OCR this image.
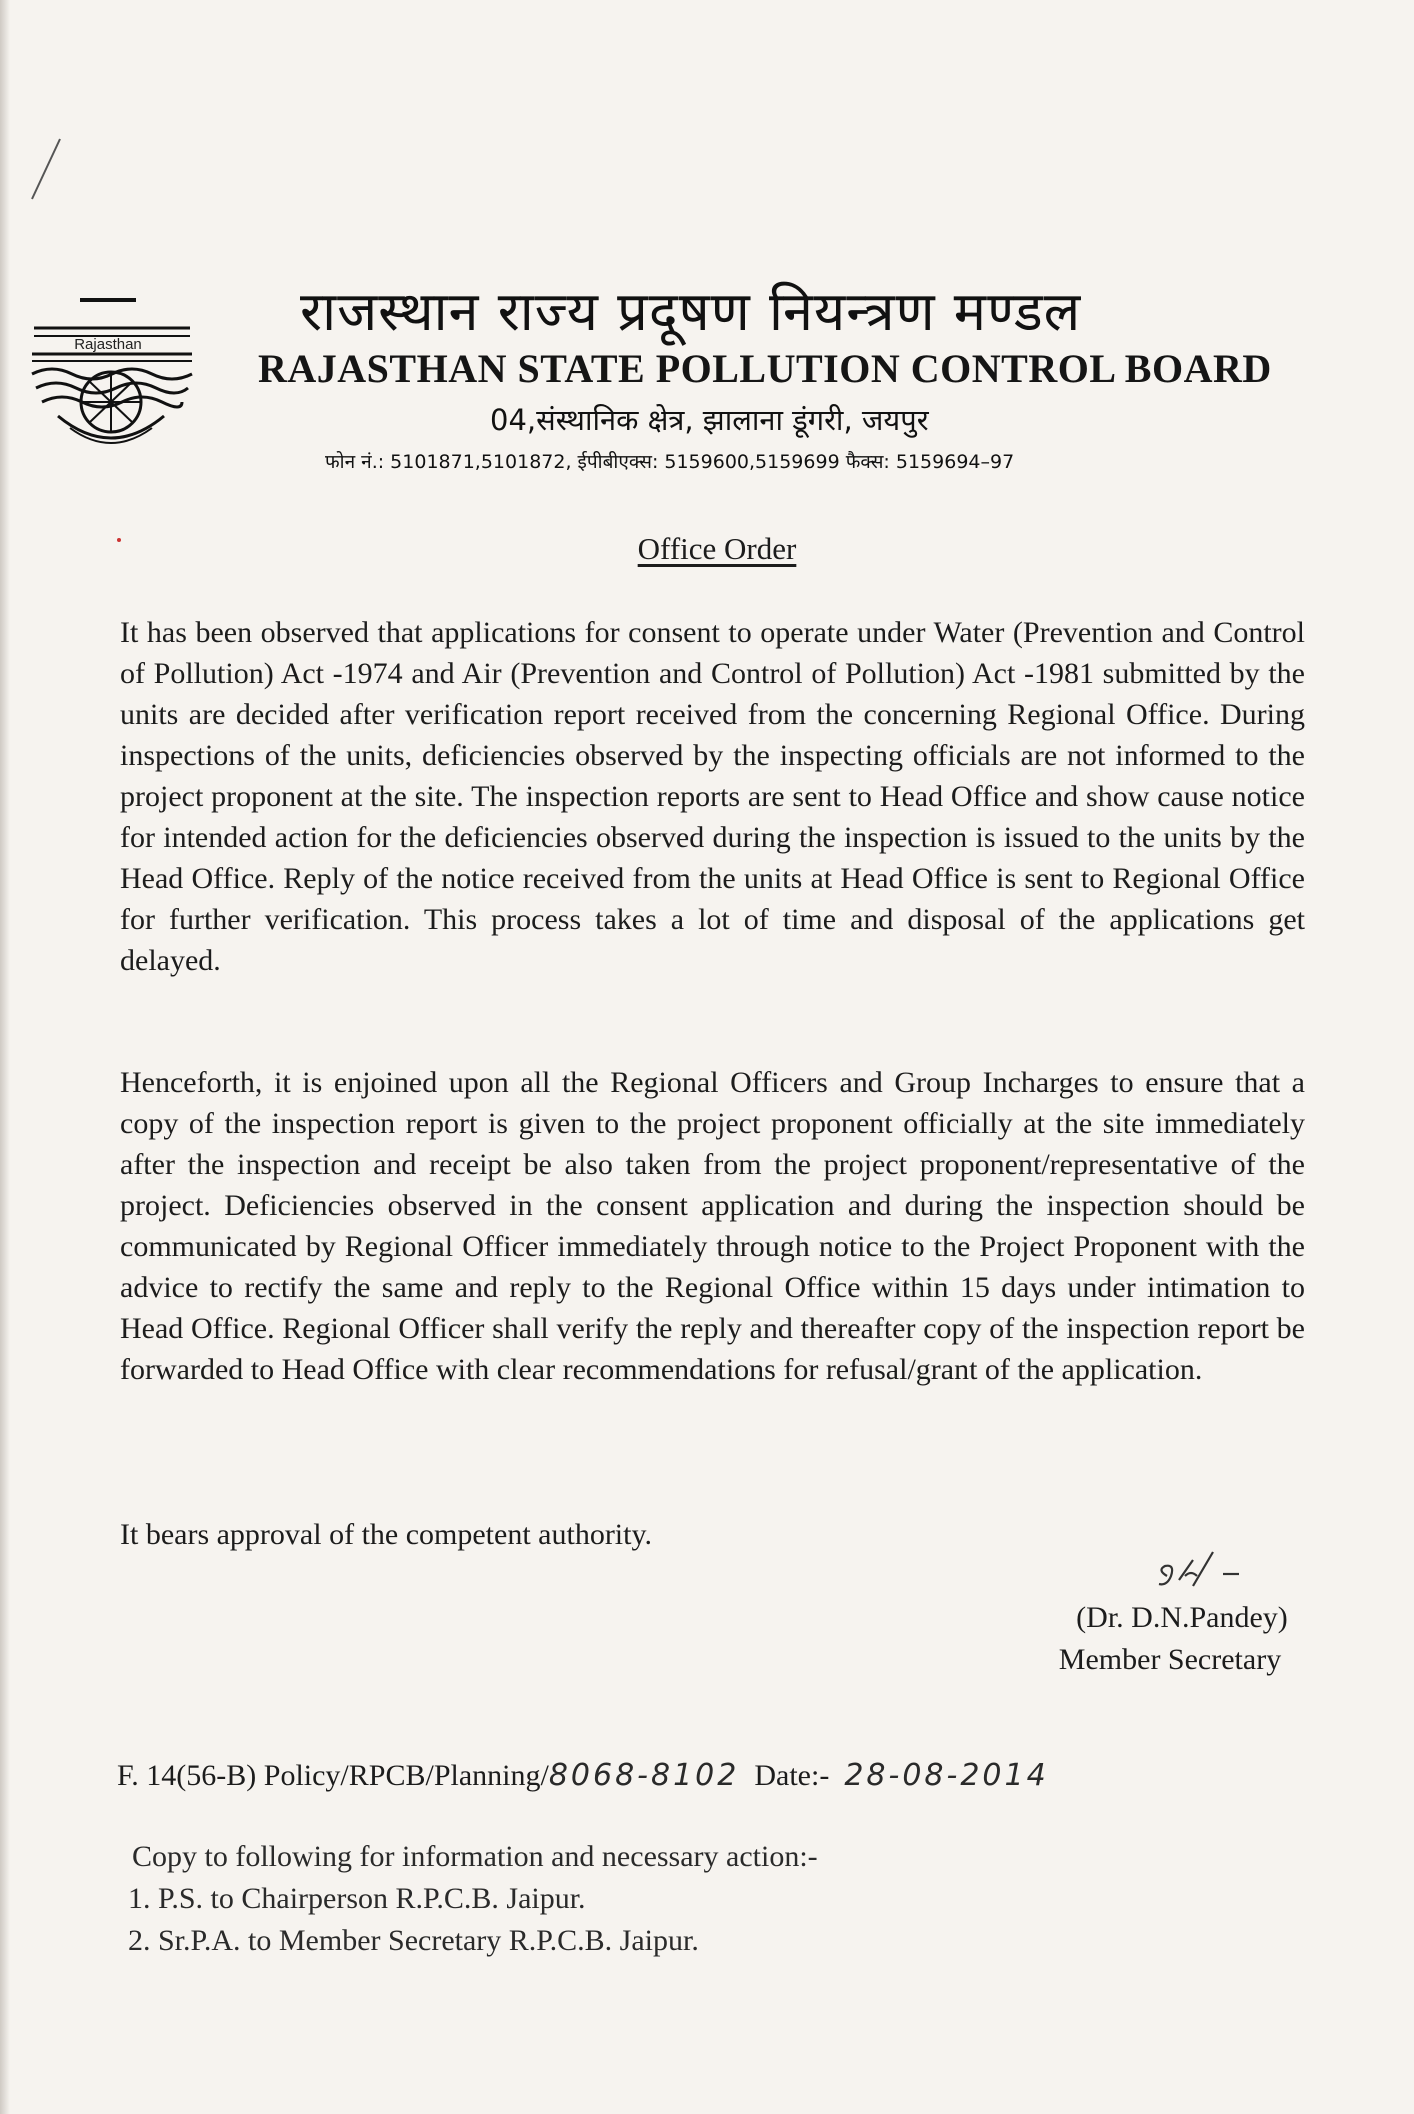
Rajasthan
राजस्थान राज्य प्रदूषण नियन्त्रण मण्डल
RAJASTHAN STATE POLLUTION CONTROL BOARD
04,संस्थानिक क्षेत्र, झालाना डूंगरी, जयपुर
फोन नं.: 5101871,5101872, ईपीबीएक्स: 5159600,5159699 फैक्स: 5159694–97
Office Order

It has been observed that applications for consent to operate under Water (Prevention and Control of Pollution) Act -1974 and Air (Prevention and Control of Pollution) Act -1981 submitted by the units are decided after verification report received from the concerning Regional Office. During inspections of the units, deficiencies observed by the inspecting officials are not informed to the project proponent at the site. The inspection reports are sent to Head Office and show cause notice for intended action for the deficiencies observed during the inspection is issued to the units by the Head Office. Reply of the notice received from the units at Head Office is sent to Regional Office for further verification. This process takes a lot of time and disposal of the applications get delayed.

Henceforth, it is enjoined upon all the Regional Officers and Group Incharges to ensure that a copy of the inspection report is given to the project proponent officially at the site immediately after the inspection and receipt be also taken from the project proponent/representative of the project. Deficiencies observed in the consent application and during the inspection should be communicated by Regional Officer immediately through notice to the Project Proponent with the advice to rectify the same and reply to the Regional Office within 15 days under intimation to Head Office. Regional Officer shall verify the reply and thereafter copy of the inspection report be forwarded to Head Office with clear recommendations for refusal/grant of the application.

It bears approval of the competent authority.

(Dr. D.N.Pandey)
Member Secretary
F. 14(56-B) Policy/RPCB/Planning/8068-8102 Date:- 28-08-2014
Copy to following for information and necessary action:-
1. P.S. to Chairperson R.P.C.B. Jaipur.
2. Sr.P.A. to Member Secretary R.P.C.B. Jaipur.
